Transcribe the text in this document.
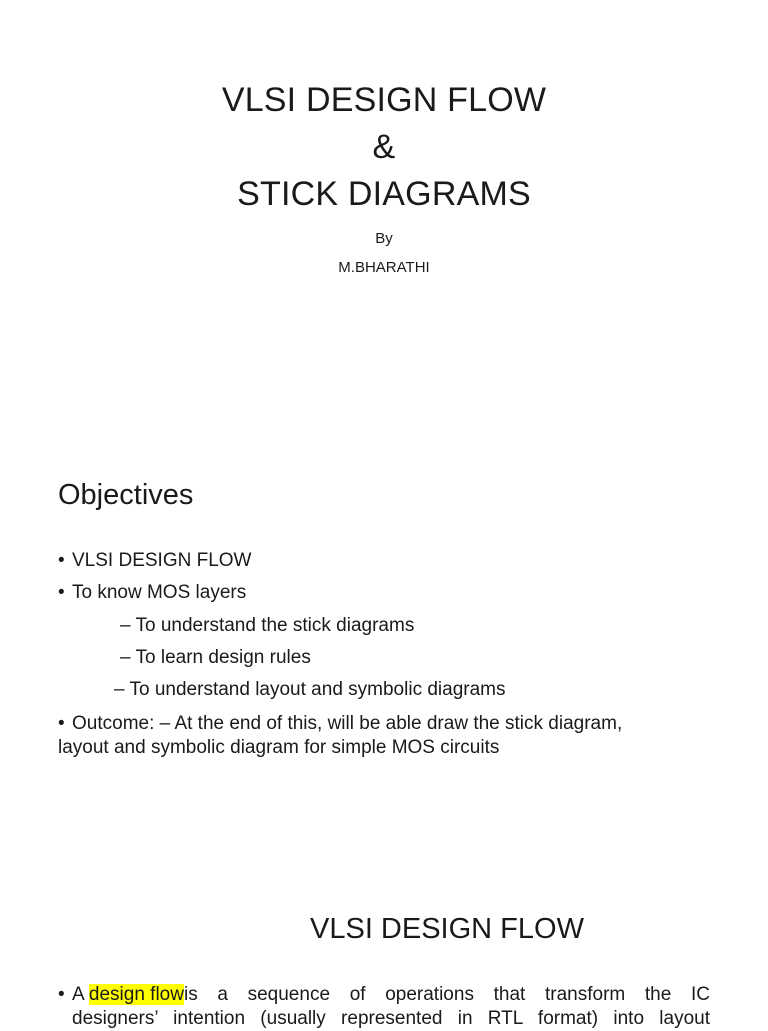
VLSI DESIGN FLOW
&
STICK DIAGRAMS
By
M.BHARATHI
Objectives
• VLSI DESIGN FLOW
• To know MOS layers
– To understand the stick diagrams
– To learn design rules
– To understand layout and symbolic diagrams
• Outcome: – At the end of this, will be able draw the stick diagram,
layout and symbolic diagram for simple MOS circuits
VLSI DESIGN FLOW
• A design flow is a sequence of operations that transform the IC
designers’ intention (usually represented in RTL format) into layout
